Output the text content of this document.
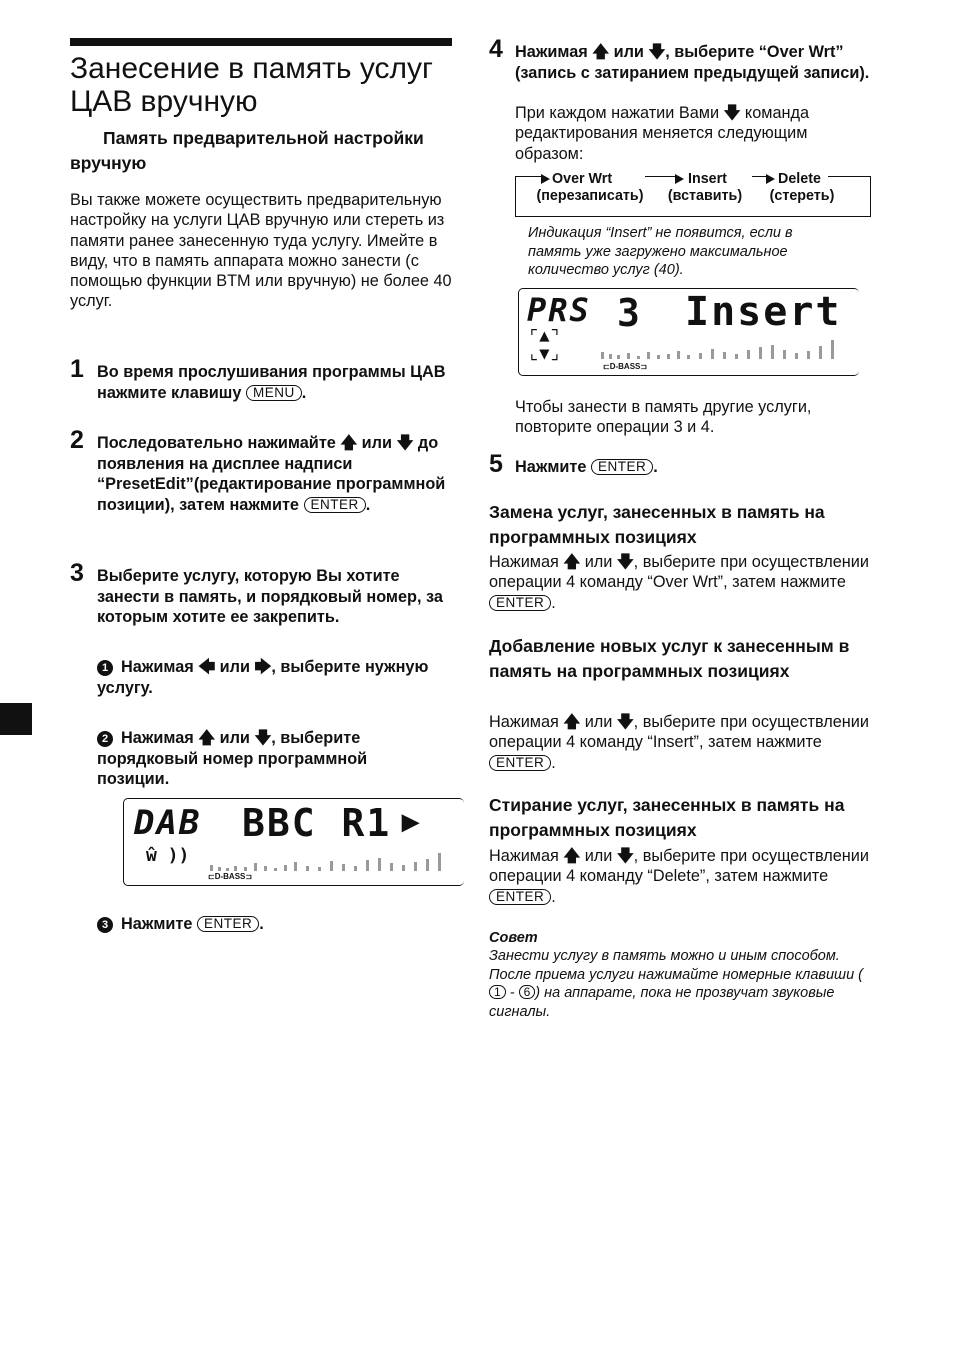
Занесение в память услуг ЦАВ вручную
Память предварительной настройки вручную
Вы также можете осуществить предварительную настройку на услуги ЦАВ вручную или стереть из памяти ранее занесенную туда услугу. Имейте в виду, что в память аппарата можно занести (с помощью функции BTM или вручную) не более 40 услуг.
1 Во время прослушивания программы ЦАВ нажмите клавишу MENU .
2 Последовательно нажимайте 🡅 или 🡇 до появления на дисплее надписи “PresetEdit”(редактирование программной позиции), затем нажмите ENTER .
3 Выберите услугу, которую Вы хотите занести в память, и порядковый номер, за которым хотите ее закрепить.
1 Нажимая 🡄 или 🡆, выберите нужную услугу.
2 Нажимая 🡅 или 🡇, выберите порядковый номер программной позиции.
DAB BBC R1 ▶
ŵ ))
⊏D-BASS⊐
3 Нажмите ENTER .
4 Нажимая 🡅 или 🡇, выберите “Over Wrt” (запись с затиранием предыдущей записи).
При каждом нажатии Вами 🡇 команда редактирования меняется следующим образом:
Over Wrt
(перезаписать)
Insert
(вставить)
Delete
(стереть)
Индикация “Insert” не появится, если в память уже загружено максимальное количество услуг (40).
PRS 3 Insert
⌜▲⌝
⌞▼⌟
⊏D-BASS⊐
Чтобы занести в память другие услуги, повторите операции 3 и 4.
5 Нажмите ENTER .
Замена услуг, занесенных в память на программных позициях
Нажимая 🡅 или 🡇, выберите при осуществлении операции 4 команду “Over Wrt”, затем нажмите ENTER .
Добавление новых услуг к занесенным в память на программных позициях
Нажимая 🡅 или 🡇, выберите при осуществлении операции 4 команду “Insert”, затем нажмите ENTER .
Стирание услуг, занесенных в память на программных позициях
Нажимая 🡅 или 🡇, выберите при осуществлении операции 4 команду “Delete”, затем нажмите ENTER .
Совет
Занести услугу в память можно и иным способом. После приема услуги нажимайте номерные клавиши (1 - 6 ) на аппарате, пока не прозвучат звуковые сигналы.
